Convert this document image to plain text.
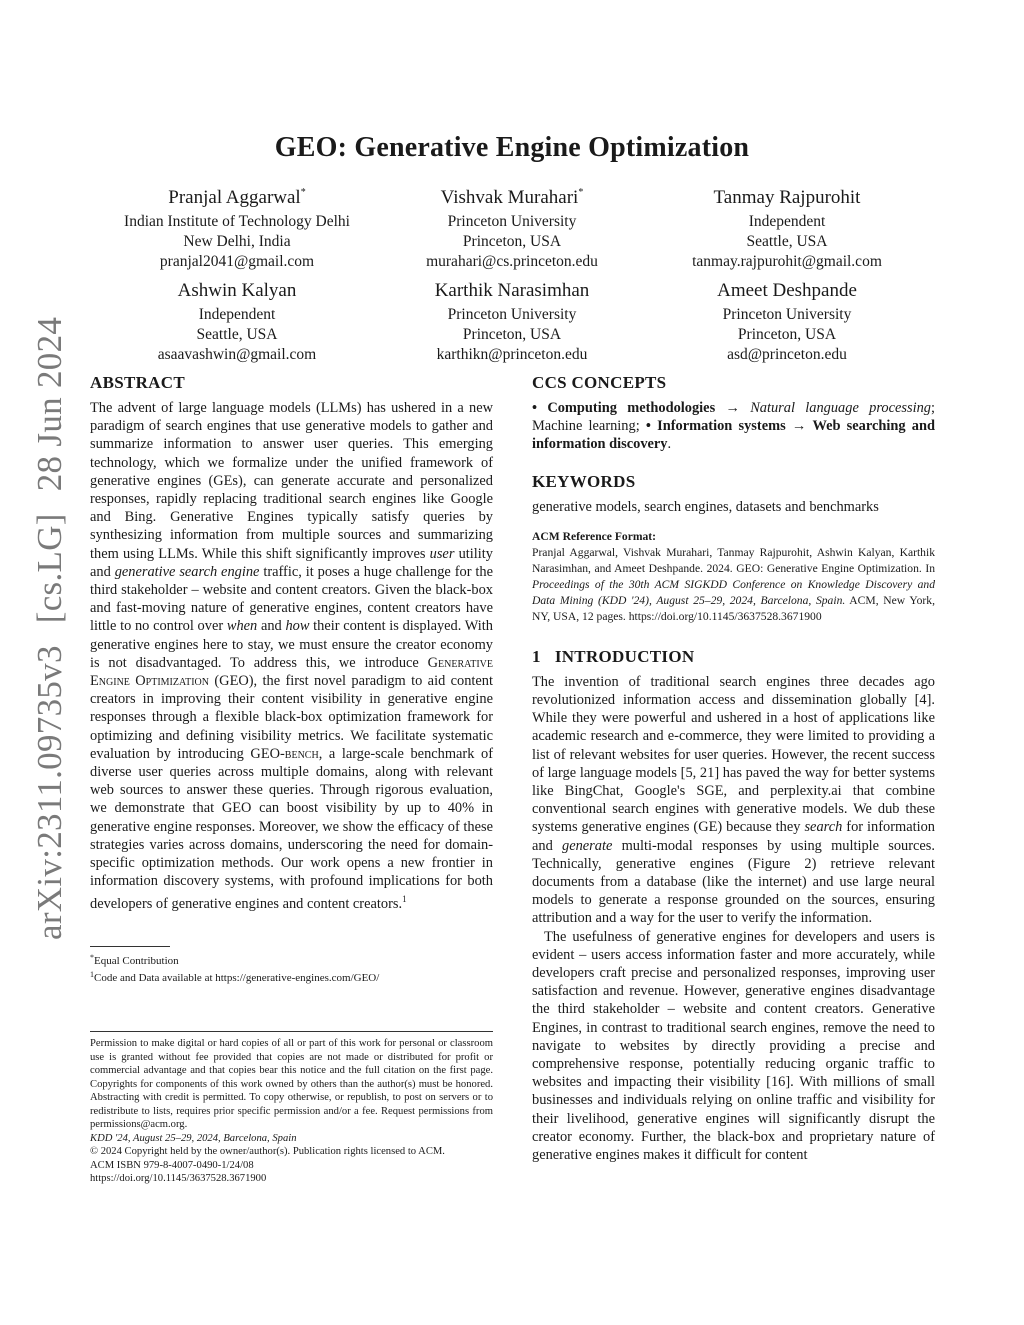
GEO: Generative Engine Optimization
Pranjal Aggarwal*
Indian Institute of Technology Delhi
New Delhi, India
pranjal2041@gmail.com
Vishvak Murahari*
Princeton University
Princeton, USA
murahari@cs.princeton.edu
Tanmay Rajpurohit
Independent
Seattle, USA
tanmay.rajpurohit@gmail.com
Ashwin Kalyan
Independent
Seattle, USA
asaavashwin@gmail.com
Karthik Narasimhan
Princeton University
Princeton, USA
karthikn@princeton.edu
Ameet Deshpande
Princeton University
Princeton, USA
asd@princeton.edu
arXiv:2311.09735v3[cs.LG]28 Jun 2024 ABSTRACT
The advent of large language models (LLMs) has ushered in a new paradigm of search engines that use generative models to gather and summarize information to answer user queries. This emerging technology, which we formalize under the unified framework of generative engines (GEs), can generate accurate and personalized responses, rapidly replacing traditional search engines like Google and Bing. Generative Engines typically satisfy queries by synthesizing information from multiple sources and summarizing them using LLMs. While this shift significantly improves user utility and generative search engine traffic, it poses a huge challenge for the third stakeholder – website and content creators. Given the black-box and fast-moving nature of generative engines, content creators have little to no control over when and how their content is displayed. With generative engines here to stay, we must ensure the creator economy is not disadvantaged. To address this, we introduce Generative Engine Optimization (GEO), the first novel paradigm to aid content creators in improving their content visibility in generative engine responses through a flexible black-box optimization framework for optimizing and defining visibility metrics. We facilitate systematic evaluation by introducing GEO-bench, a large-scale benchmark of diverse user queries across multiple domains, along with relevant web sources to answer these queries. Through rigorous evaluation, we demonstrate that GEO can boost visibility by up to 40% in generative engine responses. Moreover, we show the efficacy of these strategies varies across domains, underscoring the need for domain-specific optimization methods. Our work opens a new frontier in information discovery systems, with profound implications for both developers of generative engines and content creators.$^1$
*Equal Contribution
$^1$Code and Data available at https://generative-engines.com/GEO/
Permission to make digital or hard copies of all or part of this work for personal or classroom use is granted without fee provided that copies are not made or distributed for profit or commercial advantage and that copies bear this notice and the full citation on the first page. Copyrights for components of this work owned by others than the author(s) must be honored. Abstracting with credit is permitted. To copy otherwise, or republish, to post on servers or to redistribute to lists, requires prior specific permission and/or a fee. Request permissions from permissions@acm.org.
KDD '24, August 25–29, 2024, Barcelona, Spain
© 2024 Copyright held by the owner/author(s). Publication rights licensed to ACM.
ACM ISBN 979-8-4007-0490-1/24/08
https://doi.org/10.1145/3637528.3671900
CCS CONCEPTS
• Computing methodologies → Natural language processing; Machine learning; • Information systems → Web searching and information discovery.
KEYWORDS
generative models, search engines, datasets and benchmarks
ACM Reference Format:
Pranjal Aggarwal, Vishvak Murahari, Tanmay Rajpurohit, Ashwin Kalyan, Karthik Narasimhan, and Ameet Deshpande. 2024. GEO: Generative Engine Optimization. In Proceedings of the 30th ACM SIGKDD Conference on Knowledge Discovery and Data Mining (KDD '24), August 25–29, 2024, Barcelona, Spain. ACM, New York, NY, USA, 12 pages. https://doi.org/10.1145/3637528.3671900
1 INTRODUCTION

The invention of traditional search engines three decades ago revolutionized information access and dissemination globally [4]. While they were powerful and ushered in a host of applications like academic research and e-commerce, they were limited to providing a list of relevant websites for user queries. However, the recent success of large language models [5, 21] has paved the way for better systems like BingChat, Google's SGE, and perplexity.ai that combine conventional search engines with generative models. We dub these systems generative engines (GE) because they search for information and generate multi-modal responses by using multiple sources. Technically, generative engines (Figure 2) retrieve relevant documents from a database (like the internet) and use large neural models to generate a response grounded on the sources, ensuring attribution and a way for the user to verify the information.

The usefulness of generative engines for developers and users is evident – users access information faster and more accurately, while developers craft precise and personalized responses, improving user satisfaction and revenue. However, generative engines disadvantage the third stakeholder – website and content creators. Generative Engines, in contrast to traditional search engines, remove the need to navigate to websites by directly providing a precise and comprehensive response, potentially reducing organic traffic to websites and impacting their visibility [16]. With millions of small businesses and individuals relying on online traffic and visibility for their livelihood, generative engines will significantly disrupt the creator economy. Further, the black-box and proprietary nature of generative engines makes it difficult for content
